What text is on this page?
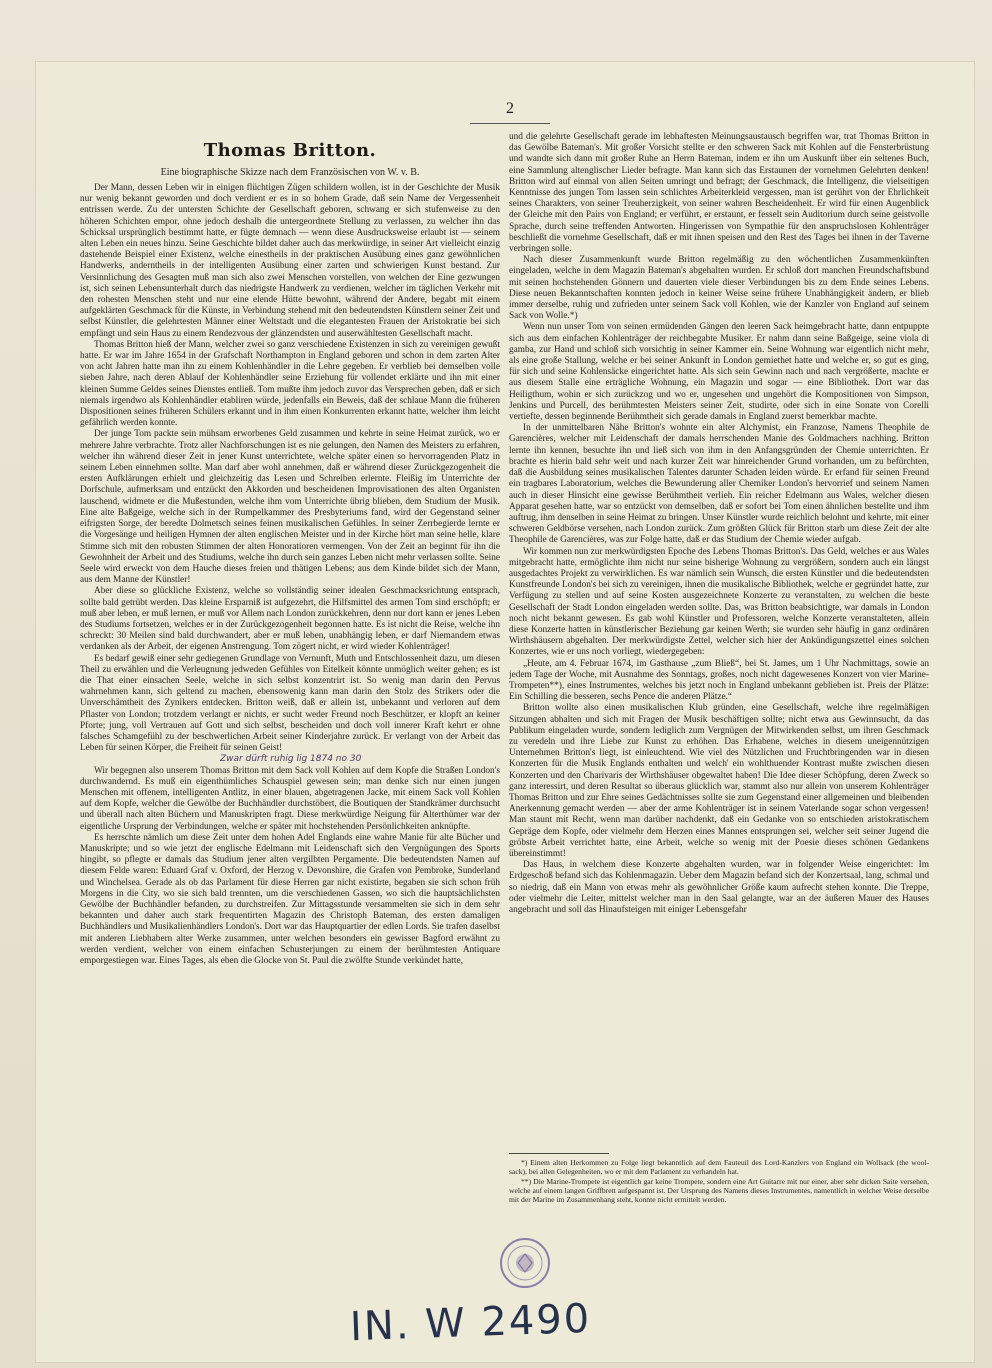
2
Thomas Britton.
Eine biographische Skizze nach dem Französischen von W. v. B.

Der Mann, dessen Leben wir in einigen flüchtigen Zügen schildern wollen, ist in der Geschichte der Musik nur wenig bekannt geworden und doch verdient er es in so hohem Grade, daß sein Name der Vergessenheit entrissen werde. Zu der untersten Schichte der Gesellschaft geboren, schwang er sich stufenweise zu den höheren Schichten empor, ohne jedoch deshalb die untergeordnete Stellung zu verlassen, zu welcher ihn das Schicksal ursprünglich bestimmt hatte, er fügte demnach — wenn diese Ausdrucksweise erlaubt ist — seinem alten Leben ein neues hinzu. Seine Geschichte bildet daher auch das merkwürdige, in seiner Art vielleicht einzig dastehende Beispiel einer Existenz, welche einestheils in der praktischen Ausübung eines ganz gewöhnlichen Handwerks, anderntheils in der intelligenten Ausübung einer zarten und schwierigen Kunst bestand. Zur Versinnlichung des Gesagten muß man sich also zwei Menschen vorstellen, von welchen der Eine gezwungen ist, sich seinen Lebensunterhalt durch das niedrigste Handwerk zu verdienen, welcher im täglichen Verkehr mit den rohesten Menschen steht und nur eine elende Hütte bewohnt, während der Andere, begabt mit einem aufgeklärten Geschmack für die Künste, in Verbindung stehend mit den bedeutendsten Künstlern seiner Zeit und selbst Künstler, die gelehrtesten Männer einer Weltstadt und die elegantesten Frauen der Aristokratie bei sich empfängt und sein Haus zu einem Rendezvous der glänzendsten und auserwähltesten Gesellschaft macht.

Thomas Britton hieß der Mann, welcher zwei so ganz verschiedene Existenzen in sich zu vereinigen gewußt hatte. Er war im Jahre 1654 in der Grafschaft Northampton in England geboren und schon in dem zarten Alter von acht Jahren hatte man ihn zu einem Kohlenhändler in die Lehre gegeben. Er verblieb bei demselben volle sieben Jahre, nach deren Ablauf der Kohlenhändler seine Erziehung für vollendet erklärte und ihn mit einer kleinen Summe Geldes seines Dienstes entließ. Tom mußte ihm jedoch zuvor das Versprechen geben, daß er sich niemals irgendwo als Kohlenhändler etabliren würde, jedenfalls ein Beweis, daß der schlaue Mann die früheren Dispositionen seines früheren Schülers erkannt und in ihm einen Konkurrenten erkannt hatte, welcher ihm leicht gefährlich werden konnte.

Der junge Tom packte sein mühsam erworbenes Geld zusammen und kehrte in seine Heimat zurück, wo er mehrere Jahre verbrachte. Trotz aller Nachforschungen ist es nie gelungen, den Namen des Meisters zu erfahren, welcher ihn während dieser Zeit in jener Kunst unterrichtete, welche später einen so hervorragenden Platz in seinem Leben einnehmen sollte. Man darf aber wohl annehmen, daß er während dieser Zurückgezogenheit die ersten Aufklärungen erhielt und gleichzeitig das Lesen und Schreiben erlernte. Fleißig im Unterrichte der Dorfschule, aufmerksam und entzückt den Akkorden und bescheidenen Improvisationen des alten Organisten lauschend, widmete er die Mußestunden, welche ihm vom Unterrichte übrig blieben, dem Studium der Musik. Eine alte Baßgeige, welche sich in der Rumpelkammer des Presbyteriums fand, wird der Gegenstand seiner eifrigsten Sorge, der beredte Dolmetsch seines feinen musikalischen Gefühles. In seiner Zerrbegierde lernte er die Vorgesänge und heiligen Hymnen der alten englischen Meister und in der Kirche hört man seine helle, klare Stimme sich mit den robusten Stimmen der alten Honoratioren vermengen. Von der Zeit an beginnt für ihn die Gewohnheit der Arbeit und des Studiums, welche ihn durch sein ganzes Leben nicht mehr verlassen sollte. Seine Seele wird erweckt von dem Hauche dieses freien und thätigen Lebens; aus dem Kinde bildet sich der Mann, aus dem Manne der Künstler!

Aber diese so glückliche Existenz, welche so vollständig seiner idealen Geschmacksrichtung entsprach, sollte bald getrübt werden. Das kleine Ersparniß ist aufgezehrt, die Hilfsmittel des armen Tom sind erschöpft; er muß aber leben, er muß lernen, er muß vor Allem nach London zurückkehren, denn nur dort kann er jenes Leben des Studiums fortsetzen, welches er in der Zurückgezogenheit begonnen hatte. Es ist nicht die Reise, welche ihn schreckt: 30 Meilen sind bald durchwandert, aber er muß leben, unabhängig leben, er darf Niemandem etwas verdanken als der Arbeit, der eigenen Anstrengung. Tom zögert nicht, er wird wieder Kohlenträger!

Es bedarf gewiß einer sehr gediegenen Grundlage von Vernunft, Muth und Entschlossenheit dazu, um diesen Theil zu erwählen und die Verleugnung jedweden Gefühles von Eitelkeit könnte unmöglich weiter gehen; es ist die That einer einsachen Seele, welche in sich selbst konzentrirt ist. So wenig man darin den Pervus wahrnehmen kann, sich geltend zu machen, ebensowenig kann man darin den Stolz des Strikers oder die Unverschämtheit des Zynikers entdecken. Britton weiß, daß er allein ist, unbekannt und verloren auf dem Pflaster von London; trotzdem verlangt er nichts, er sucht weder Freund noch Beschützer, er klopft an keiner Pforte; jung, voll Vertrauen auf Gott und sich selbst, bescheiden und doch voll innerer Kraft kehrt er ohne falsches Schamgefühl zu der beschwerlichen Arbeit seiner Kinderjahre zurück. Er verlangt von der Arbeit das Leben für seinen Körper, die Freiheit für seinen Geist!

Zwar dürft ruhig lig 1874 no 30

Wir begegnen also unserem Thomas Britton mit dem Sack voll Kohlen auf dem Kopfe die Straßen London's durchwandernd. Es muß ein eigenthümliches Schauspiel gewesen sein; man denke sich nur einen jungen Menschen mit offenem, intelligenten Antlitz, in einer blauen, abgetragenen Jacke, mit einem Sack voll Kohlen auf dem Kopfe, welcher die Gewölbe der Buchhändler durchstöbert, die Boutiquen der Standkrämer durchsucht und überall nach alten Büchern und Manuskripten fragt. Diese merkwürdige Neigung für Alterthümer war der eigentliche Ursprung der Verbindungen, welche er später mit hochstehenden Persönlichkeiten anknüpfte.

Es herrschte nämlich um diese Zeit unter dem hohen Adel Englands eine wahre Manie für alte Bücher und Manuskripte; und so wie jetzt der englische Edelmann mit Leidenschaft sich den Vergnügungen des Sports hingibt, so pflegte er damals das Studium jener alten vergilbten Pergamente. Die bedeutendsten Namen auf diesem Felde waren: Eduard Graf v. Oxford, der Herzog v. Devonshire, die Grafen von Pembroke, Sunderland und Winchelsea. Gerade als ob das Parlament für diese Herren gar nicht existirte, begaben sie sich schon früh Morgens in die City, wo sie sich bald trennten, um die verschiedenen Gassen, wo sich die hauptsächlichsten Gewölbe der Buchhändler befanden, zu durchstreifen. Zur Mittagsstunde versammelten sie sich in dem sehr bekannten und daher auch stark frequentirten Magazin des Christoph Bateman, des ersten damaligen Buchhändlers und Musikalienhändlers London's. Dort war das Hauptquartier der edlen Lords. Sie trafen daselbst mit anderen Liebhabern alter Werke zusammen, unter welchen besonders ein gewisser Bagford erwähnt zu werden verdient, welcher von einem einfachen Schusterjungen zu einem der berühmtesten Antiquare emporgestiegen war. Eines Tages, als eben die Glocke von St. Paul die zwölfte Stunde verkündet hatte,

und die gelehrte Gesellschaft gerade im lebhaftesten Meinungsaustausch begriffen war, trat Thomas Britton in das Gewölbe Bateman's. Mit großer Vorsicht stellte er den schweren Sack mit Kohlen auf die Fensterbrüstung und wandte sich dann mit großer Ruhe an Herrn Bateman, indem er ihn um Auskunft über ein seltenes Buch, eine Sammlung altenglischer Lieder befragte. Man kann sich das Erstaunen der vornehmen Gelehrten denken! Britton wird auf einmal von allen Seiten umringt und befragt; der Geschmack, die Intelligenz, die vielseitigen Kenntnisse des jungen Tom lassen sein schlichtes Arbeiterkleid vergessen, man ist gerührt von der Ehrlichkeit seines Charakters, von seiner Treuherzigkeit, von seiner wahren Bescheidenheit. Er wird für einen Augenblick der Gleiche mit den Pairs von England; er verführt, er erstaunt, er fesselt sein Auditorium durch seine geistvolle Sprache, durch seine treffenden Antworten. Hingerissen von Sympathie für den anspruchslosen Kohlenträger beschließt die vornehme Gesellschaft, daß er mit ihnen speisen und den Rest des Tages bei ihnen in der Taverne verbringen solle.

Nach dieser Zusammenkunft wurde Britton regelmäßig zu den wöchentlichen Zusammenkünften eingeladen, welche in dem Magazin Bateman's abgehalten wurden. Er schloß dort manchen Freundschaftsbund mit seinen hochstehenden Gönnern und dauerten viele dieser Verbindungen bis zu dem Ende seines Lebens. Diese neuen Bekanntschaften konnten jedoch in keiner Weise seine frühere Unabhängigkeit ändern, er blieb immer derselbe, ruhig und zufrieden unter seinem Sack voll Kohlen, wie der Kanzler von England auf seinem Sack von Wolle.*)

Wenn nun unser Tom von seinen ermüdenden Gängen den leeren Sack heimgebracht hatte, dann entpuppte sich aus dem einfachen Kohlenträger der reichbegabte Musiker. Er nahm dann seine Baßgeige, seine viola di gamba, zur Hand und schloß sich vorsichtig in seiner Kammer ein. Seine Wohnung war eigentlich nicht mehr, als eine große Stallung, welche er bei seiner Ankunft in London gemiethet hatte und welche er, so gut es ging, für sich und seine Kohlensäcke eingerichtet hatte. Als sich sein Gewinn nach und nach vergrößerte, machte er aus diesem Stalle eine erträgliche Wohnung, ein Magazin und sogar — eine Bibliothek. Dort war das Heiligthum, wohin er sich zurückzog und wo er, ungesehen und ungehört die Kompositionen von Simpson, Jenkins und Purcell, des berühmtesten Meisters seiner Zeit, studirte, oder sich in eine Sonate von Corelli vertiefte, dessen beginnende Berühmtheit sich gerade damals in England zuerst bemerkbar machte.

In der unmittelbaren Nähe Britton's wohnte ein alter Alchymist, ein Franzose, Namens Theophile de Garencières, welcher mit Leidenschaft der damals herrschenden Manie des Goldmachers nachhing. Britton lernte ihn kennen, besuchte ihn und ließ sich von ihm in den Anfangsgründen der Chemie unterrichten. Er brachte es hierin bald sehr weit und nach kurzer Zeit war hinreichender Grund vorhanden, um zu befürchten, daß die Ausbildung seines musikalischen Talentes darunter Schaden leiden würde. Er erfand für seinen Freund ein tragbares Laboratorium, welches die Bewunderung aller Chemiker London's hervorrief und seinem Namen auch in dieser Hinsicht eine gewisse Berühmtheit verlieh. Ein reicher Edelmann aus Wales, welcher diesen Apparat gesehen hatte, war so entzückt von demselben, daß er sofort bei Tom einen ähnlichen bestellte und ihm auftrug, ihm denselben in seine Heimat zu bringen. Unser Künstler wurde reichlich belohnt und kehrte, mit einer schweren Geldbörse versehen, nach London zurück. Zum größten Glück für Britton starb um diese Zeit der alte Theophile de Garencières, was zur Folge hatte, daß er das Studium der Chemie wieder aufgab.

Wir kommen nun zur merkwürdigsten Epoche des Lebens Thomas Britton's. Das Geld, welches er aus Wales mitgebracht hatte, ermöglichte ihm nicht nur seine bisherige Wohnung zu vergrößern, sondern auch ein längst ausgedachtes Projekt zu verwirklichen. Es war nämlich sein Wunsch, die ersten Künstler und die bedeutendsten Kunstfreunde London's bei sich zu vereinigen, ihnen die musikalische Bibliothek, welche er gegründet hatte, zur Verfügung zu stellen und auf seine Kosten ausgezeichnete Konzerte zu veranstalten, zu welchen die beste Gesellschaft der Stadt London eingeladen werden sollte. Das, was Britton beabsichtigte, war damals in London noch nicht bekannt gewesen. Es gab wohl Künstler und Professoren, welche Konzerte veranstalteten, allein diese Konzerte hatten in künstlerischer Beziehung gar keinen Werth; sie wurden sehr häufig in ganz ordinären Wirthshäusern abgehalten. Der merkwürdigste Zettel, welcher sich hier der Ankündigungszettel eines solchen Konzertes, wie er uns noch vorliegt, wiedergegeben:

„Heute, am 4. Februar 1674, im Gasthause „zum Bließ“, bei St. James, um 1 Uhr Nachmittags, sowie an jedem Tage der Woche, mit Ausnahme des Sonntags, großes, noch nicht dagewesenes Konzert von vier Marine-Trompeten**), eines Instrumentes, welches bis jetzt noch in England unbekannt geblieben ist. Preis der Plätze: Ein Schilling die besseren, sechs Pence die anderen Plätze.“

Britton wollte also einen musikalischen Klub gründen, eine Gesellschaft, welche ihre regelmäßigen Sitzungen abhalten und sich mit Fragen der Musik beschäftigen sollte; nicht etwa aus Gewinnsucht, da das Publikum eingeladen wurde, sondern lediglich zum Vergnügen der Mitwirkenden selbst, um ihren Geschmack zu veredeln und ihre Liebe zur Kunst zu erhöhen. Das Erhabene, welches in diesem uneigennützigen Unternehmen Britton's liegt, ist einleuchtend. Wie viel des Nützlichen und Fruchtbringenden war in diesen Konzerten für die Musik Englands enthalten und welch' ein wohlthuender Kontrast mußte zwischen diesen Konzerten und den Charivaris der Wirthshäuser obgewaltet haben! Die Idee dieser Schöpfung, deren Zweck so ganz interessirt, und deren Resultat so überaus glücklich war, stammt also nur allein von unserem Kohlenträger Thomas Britton und zur Ehre seines Gedächtnisses sollte sie zum Gegenstand einer allgemeinen und bleibenden Anerkennung gemacht werden — aber der arme Kohlenträger ist in seinem Vaterlande sogar schon vergessen! Man staunt mit Recht, wenn man darüber nachdenkt, daß ein Gedanke von so entschieden aristokratischem Gepräge dem Kopfe, oder vielmehr dem Herzen eines Mannes entsprungen sei, welcher seit seiner Jugend die gröbste Arbeit verrichtet hatte, eine Arbeit, welche so wenig mit der Poesie dieses schönen Gedankens übereinstimmt!

Das Haus, in welchem diese Konzerte abgehalten wurden, war in folgender Weise eingerichtet: Im Erdgeschoß befand sich das Kohlenmagazin. Ueber dem Magazin befand sich der Konzertsaal, lang, schmal und so niedrig, daß ein Mann von etwas mehr als gewöhnlicher Größe kaum aufrecht stehen konnte. Die Treppe, oder vielmehr die Leiter, mittelst welcher man in den Saal gelangte, war an der äußeren Mauer des Hauses angebracht und soll das Hinaufsteigen mit einiger Lebensgefahr

*) Einem alten Herkommen zu Folge liegt bekanntlich auf dem Fauteuil des Lord-Kanzlers von England ein Wollsack (the wool-sack), bei allen Gelegenheiten, wo er mit dem Parlament zu verhandeln hat.

**) Die Marine-Trompete ist eigentlich gar keine Trompete, sondern eine Art Guitarre mit nur einer, aber sehr dicken Saite versehen, welche auf einem langen Griffbrett aufgespannt ist. Der Ursprung des Namens dieses Instrumentes, namentlich in welcher Weise derselbe mit der Marine im Zusammenhang steht, konnte nicht ermittelt werden.

IN. W 2490
